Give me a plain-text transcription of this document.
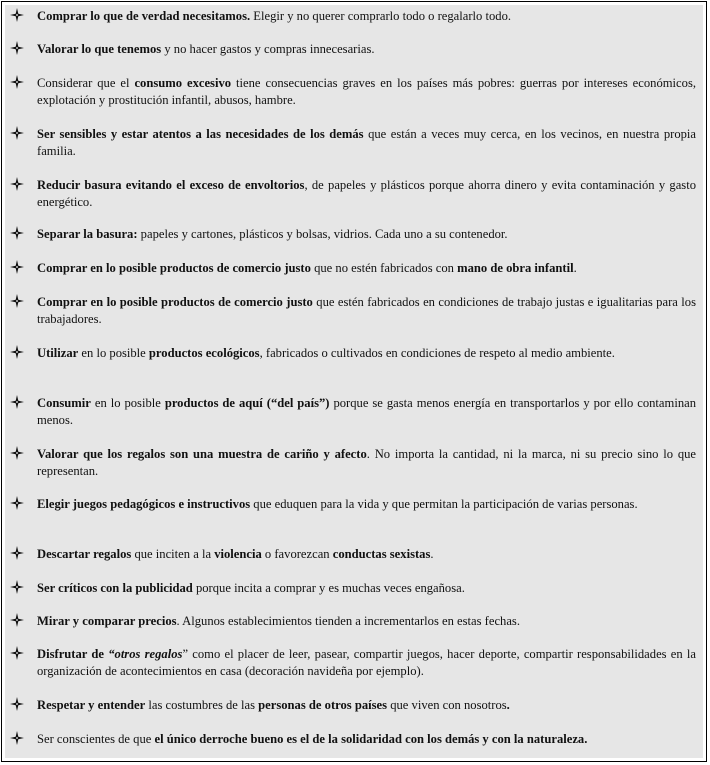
Comprar lo que de verdad necesitamos. Elegir y no querer comprarlo todo o regalarlo todo.
Valorar lo que tenemos y no hacer gastos y compras innecesarias.
Considerar que el consumo excesivo tiene consecuencias graves en los países más pobres: guerras por intereses económicos, explotación y prostitución infantil, abusos, hambre.
Ser sensibles y estar atentos a las necesidades de los demás que están a veces muy cerca, en los vecinos, en nuestra propia familia.
Reducir basura evitando el exceso de envoltorios, de papeles y plásticos porque ahorra dinero y evita contaminación y gasto energético.
Separar la basura: papeles y cartones, plásticos y bolsas, vidrios. Cada uno a su contenedor.
Comprar en lo posible productos de comercio justo que no estén fabricados con mano de obra infantil.
Comprar en lo posible productos de comercio justo que estén fabricados en condiciones de trabajo justas e igualitarias para los trabajadores.
Utilizar en lo posible productos ecológicos, fabricados o cultivados en condiciones de respeto al medio ambiente.
Consumir en lo posible productos de aquí (“del país”) porque se gasta menos energía en transportarlos y por ello contaminan menos.
Valorar que los regalos son una muestra de cariño y afecto. No importa la cantidad, ni la marca, ni su precio sino lo que representan.
Elegir juegos pedagógicos e instructivos que eduquen para la vida y que permitan la participación de varias personas.
Descartar regalos que inciten a la violencia o favorezcan conductas sexistas.
Ser críticos con la publicidad porque incita a comprar y es muchas veces engañosa.
Mirar y comparar precios. Algunos establecimientos tienden a incrementarlos en estas fechas.
Disfrutar de “otros regalos” como el placer de leer, pasear, compartir juegos, hacer deporte, compartir responsabilidades en la organización de acontecimientos en casa (decoración navideña por ejemplo).
Respetar y entender las costumbres de las personas de otros países que viven con nosotros.
Ser conscientes de que el único derroche bueno es el de la solidaridad con los demás y con la naturaleza.
